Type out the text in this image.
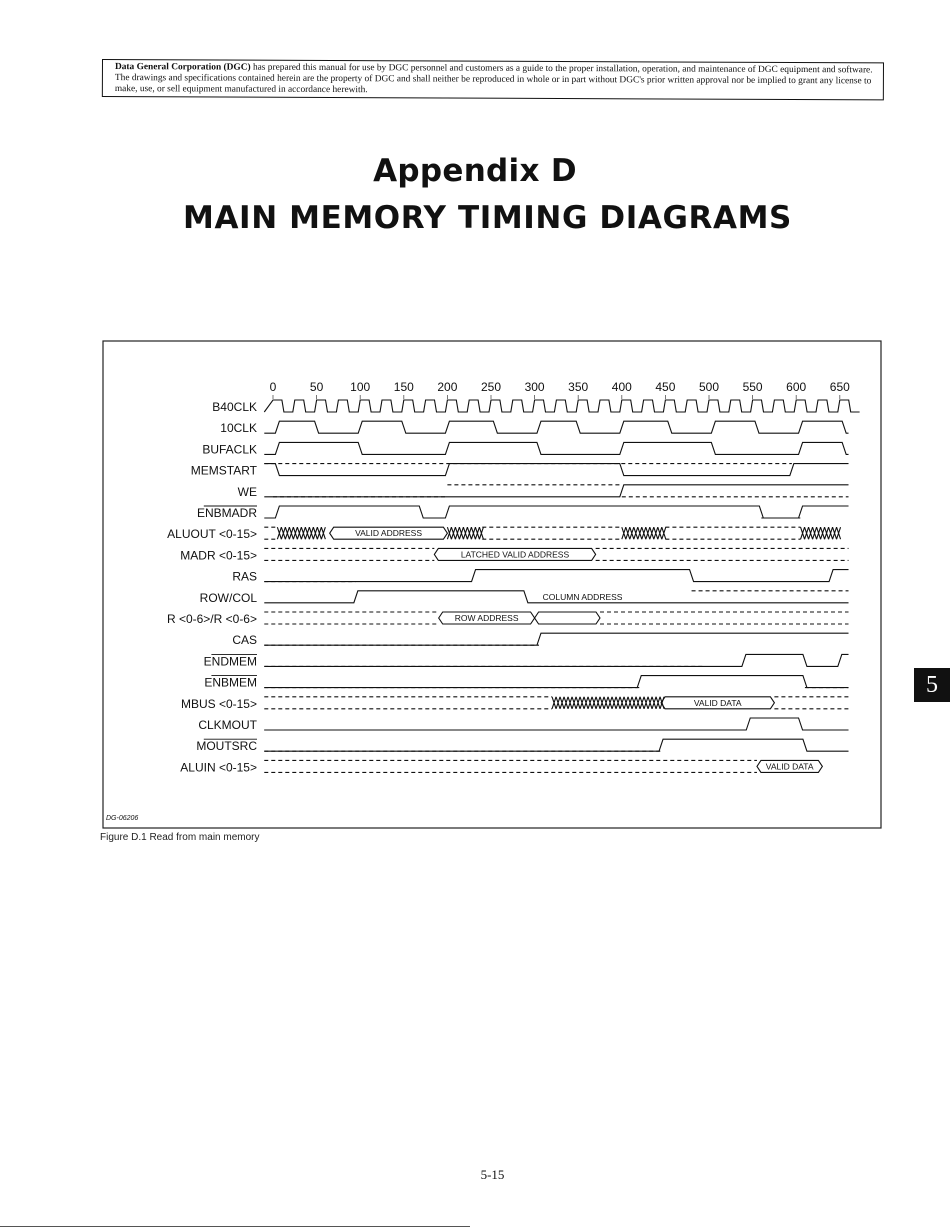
Data General Corporation (DGC) has prepared this manual for use by DGC personnel and customers as a guide to the proper installation, operation, and maintenance of DGC equipment and software. The drawings and specifications contained herein are the property of DGC and shall neither be reproduced in whole or in part without DGC's prior written approval nor be implied to grant any license to make, use, or sell equipment manufactured in accordance herewith.
Appendix D
MAIN MEMORY TIMING DIAGRAMS
0	50 100 150 200 250 300 350 400 450 500 550 600 650
B40CLK
10CLK
BUFACLK
MEMSTART
WE
ENBMADR
ALUOUT <0-15>
MADR <0-15>
RAS
ROW/COL
R <0-6>/R <0-6>
CAS
ENDMEM
ENBMEM
MBUS <0-15>
CLKMOUT
MOUTSRC
ALUIN <0-15>
VALID ADDRESS
LATCHED VALID ADDRESS
COLUMN ADDRESS
ROW ADDRESS
VALID DATA
VALID DATA
DG-06206
5
Figure D.1 Read from main memory
5-15
